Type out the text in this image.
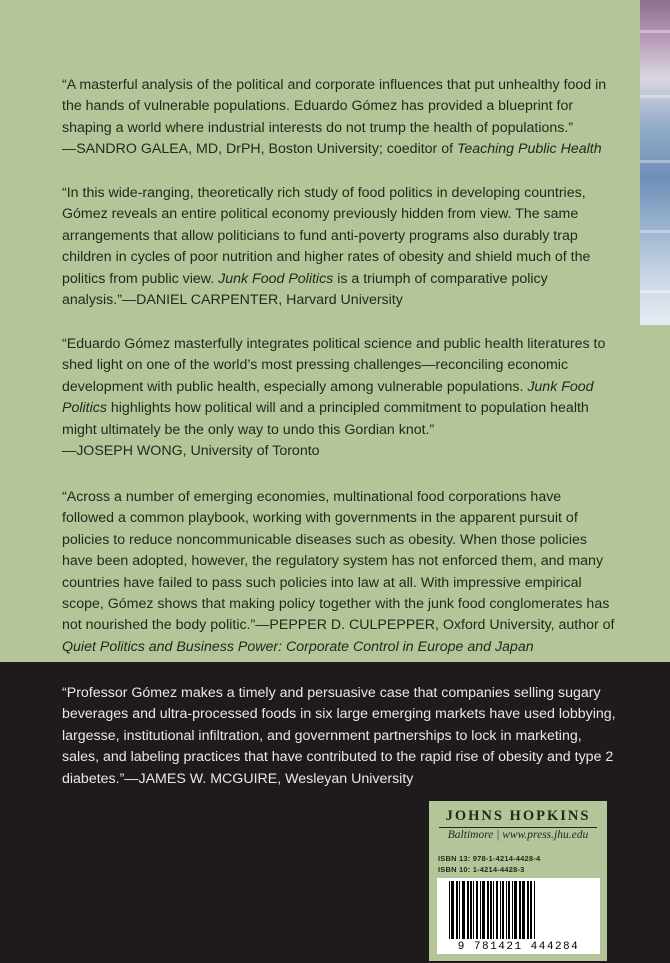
“A masterful analysis of the political and corporate influences that put unhealthy food in the hands of vulnerable populations. Eduardo Gómez has provided a blueprint for shaping a world where industrial interests do not trump the health of populations.”

—SANDRO GALEA, MD, DrPH, Boston University; coeditor of Teaching Public Health

“In this wide-ranging, theoretically rich study of food politics in developing countries, Gómez reveals an entire political economy previously hidden from view. The same arrangements that allow politicians to fund anti-poverty programs also durably trap children in cycles of poor nutrition and higher rates of obesity and shield much of the politics from public view. Junk Food Politics is a triumph of comparative policy analysis.”—DANIEL CARPENTER, Harvard University

“Eduardo Gómez masterfully integrates political science and public health literatures to shed light on one of the world’s most pressing challenges—reconciling economic development with public health, especially among vulnerable populations. Junk Food Politics highlights how political will and a principled commitment to population health might ultimately be the only way to undo this Gordian knot.”

—JOSEPH WONG, University of Toronto

“Across a number of emerging economies, multinational food corporations have followed a common playbook, working with governments in the apparent pursuit of policies to reduce noncommunicable diseases such as obesity. When those policies have been adopted, however, the regulatory system has not enforced them, and many countries have failed to pass such policies into law at all. With impressive empirical scope, Gómez shows that making policy together with the junk food conglomerates has not nourished the body politic.”—PEPPER D. CULPEPPER, Oxford University, author of Quiet Politics and Business Power: Corporate Control in Europe and Japan

“Professor Gómez makes a timely and persuasive case that companies selling sugary beverages and ultra-processed foods in six large emerging markets have used lobbying, largesse, institutional infiltration, and government partnerships to lock in marketing, sales, and labeling practices that have contributed to the rapid rise of obesity and type 2 diabetes.”—JAMES W. MCGUIRE, Wesleyan University

JOHNS HOPKINS
Baltimore | www.press.jhu.edu
ISBN 13: 978-1-4214-4428-4
ISBN 10: 1-4214-4428-3
9 781421 444284
